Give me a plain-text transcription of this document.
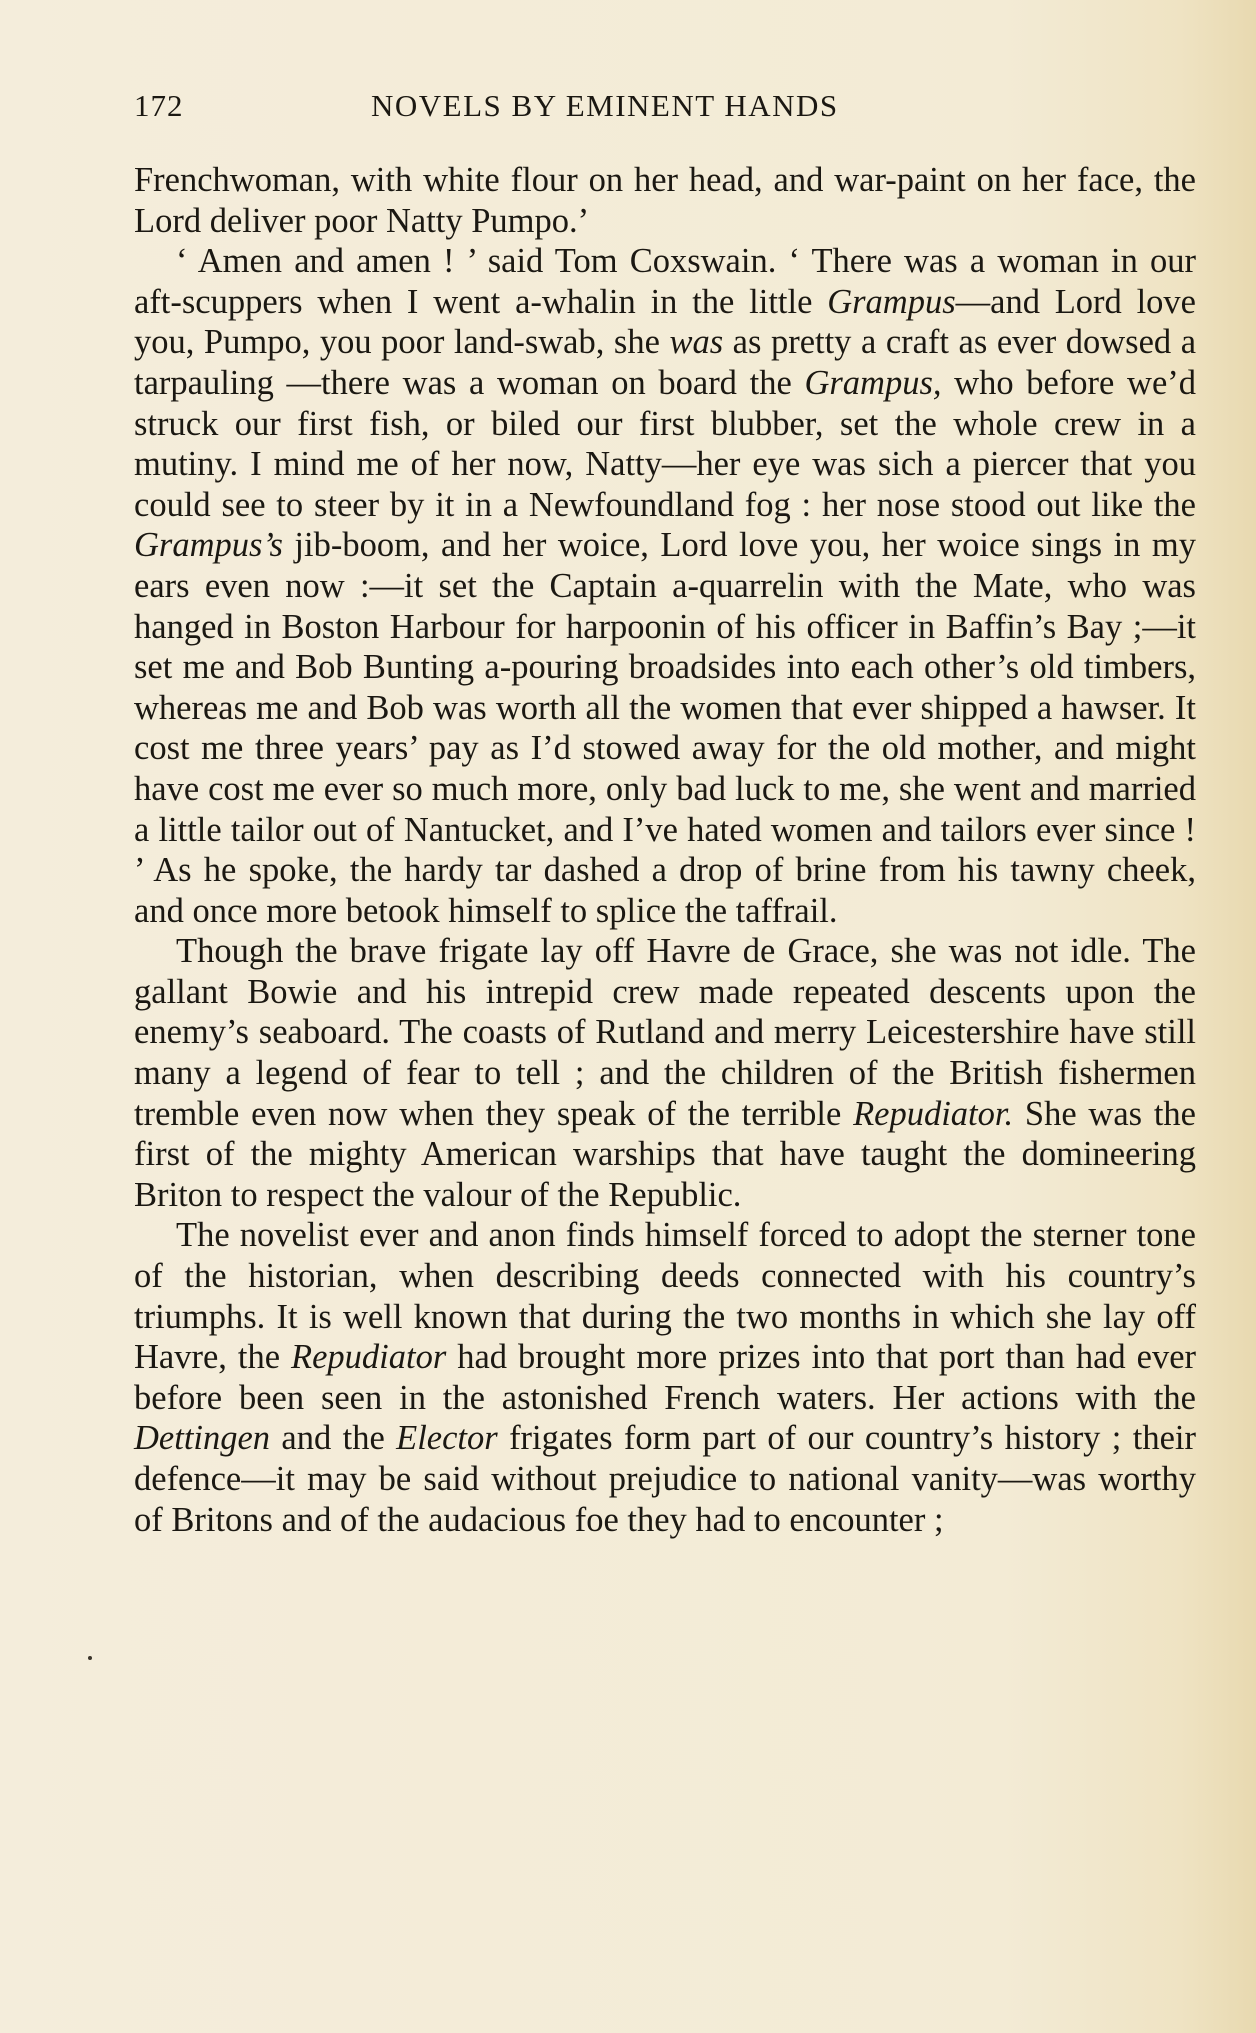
172	NOVELS BY EMINENT HANDS

Frenchwoman, with white flour on her head, and war-paint on her face, the Lord deliver poor Natty Pumpo.’

‘ Amen and amen ! ’ said Tom Coxswain. ‘ There was a woman in our aft-scuppers when I went a-whalin in the little Grampus—and Lord love you, Pumpo, you poor land-swab, she was as pretty a craft as ever dowsed a tarpauling —there was a woman on board the Grampus, who before we’d struck our first fish, or biled our first blubber, set the whole crew in a mutiny. I mind me of her now, Natty—her eye was sich a piercer that you could see to steer by it in a Newfoundland fog : her nose stood out like the Grampus’s jib-boom, and her woice, Lord love you, her woice sings in my ears even now :—it set the Captain a-quarrelin with the Mate, who was hanged in Boston Harbour for harpoonin of his officer in Baffin’s Bay ;—it set me and Bob Bunting a-pouring broadsides into each other’s old timbers, whereas me and Bob was worth all the women that ever shipped a hawser. It cost me three years’ pay as I’d stowed away for the old mother, and might have cost me ever so much more, only bad luck to me, she went and married a little tailor out of Nantucket, and I’ve hated women and tailors ever since ! ’ As he spoke, the hardy tar dashed a drop of brine from his tawny cheek, and once more betook himself to splice the taffrail.

Though the brave frigate lay off Havre de Grace, she was not idle. The gallant Bowie and his intrepid crew made repeated descents upon the enemy’s seaboard. The coasts of Rutland and merry Leicestershire have still many a legend of fear to tell ; and the children of the British fishermen tremble even now when they speak of the terrible Repudiator. She was the first of the mighty American warships that have taught the domineering Briton to respect the valour of the Republic.

The novelist ever and anon finds himself forced to adopt the sterner tone of the historian, when describing deeds connected with his country’s triumphs. It is well known that during the two months in which she lay off Havre, the Repudiator had brought more prizes into that port than had ever before been seen in the astonished French waters. Her actions with the Dettingen and the Elector frigates form part of our country’s history ; their defence—it may be said without prejudice to national vanity—was worthy of Britons and of the audacious foe they had to encounter ;
